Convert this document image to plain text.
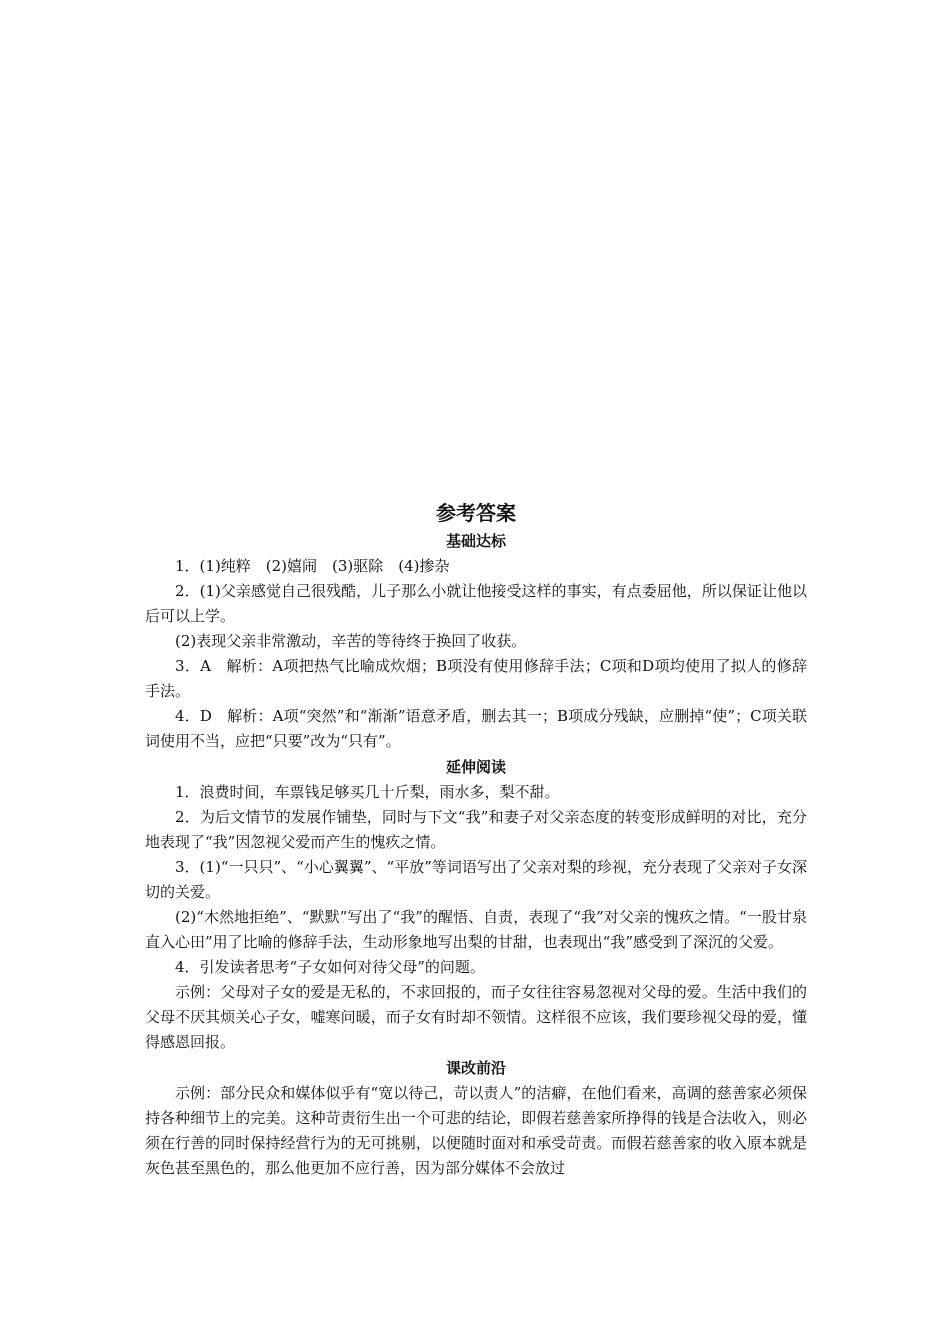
参考答案
基础达标

1．(1)纯粹　(2)嬉闹　(3)驱除　(4)掺杂

2．(1)父亲感觉自己很残酷，儿子那么小就让他接受这样的事实，有点委屈他，所以保证让他以后可以上学。

(2)表现父亲非常激动，辛苦的等待终于换回了收获。

3．A　解析：A项把热气比喻成炊烟；B项没有使用修辞手法；C项和D项均使用了拟人的修辞手法。

4．D　解析：A项“突然”和“渐渐”语意矛盾，删去其一；B项成分残缺，应删掉“使”；C项关联词使用不当，应把“只要”改为“只有”。

延伸阅读

1．浪费时间，车票钱足够买几十斤梨，雨水多，梨不甜。

2．为后文情节的发展作铺垫，同时与下文“我”和妻子对父亲态度的转变形成鲜明的对比，充分地表现了“我”因忽视父爱而产生的愧疚之情。

3．(1)“一只只”、“小心翼翼”、“平放”等词语写出了父亲对梨的珍视，充分表现了父亲对子女深切的关爱。

(2)“木然地拒绝”、“默默”写出了“我”的醒悟、自责，表现了“我”对父亲的愧疚之情。“一股甘泉直入心田”用了比喻的修辞手法，生动形象地写出梨的甘甜，也表现出“我”感受到了深沉的父爱。

4．引发读者思考“子女如何对待父母”的问题。

示例：父母对子女的爱是无私的，不求回报的，而子女往往容易忽视对父母的爱。生活中我们的父母不厌其烦关心子女，嘘寒问暖，而子女有时却不领情。这样很不应该，我们要珍视父母的爱，懂得感恩回报。

课改前沿

示例：部分民众和媒体似乎有“宽以待己，苛以责人”的洁癖，在他们看来，高调的慈善家必须保持各种细节上的完美。这种苛责衍生出一个可悲的结论，即假若慈善家所挣得的钱是合法收入，则必须在行善的同时保持经营行为的无可挑剔，以便随时面对和承受苛责。而假若慈善家的收入原本就是灰色甚至黑色的，那么他更加不应行善，因为部分媒体不会放过
